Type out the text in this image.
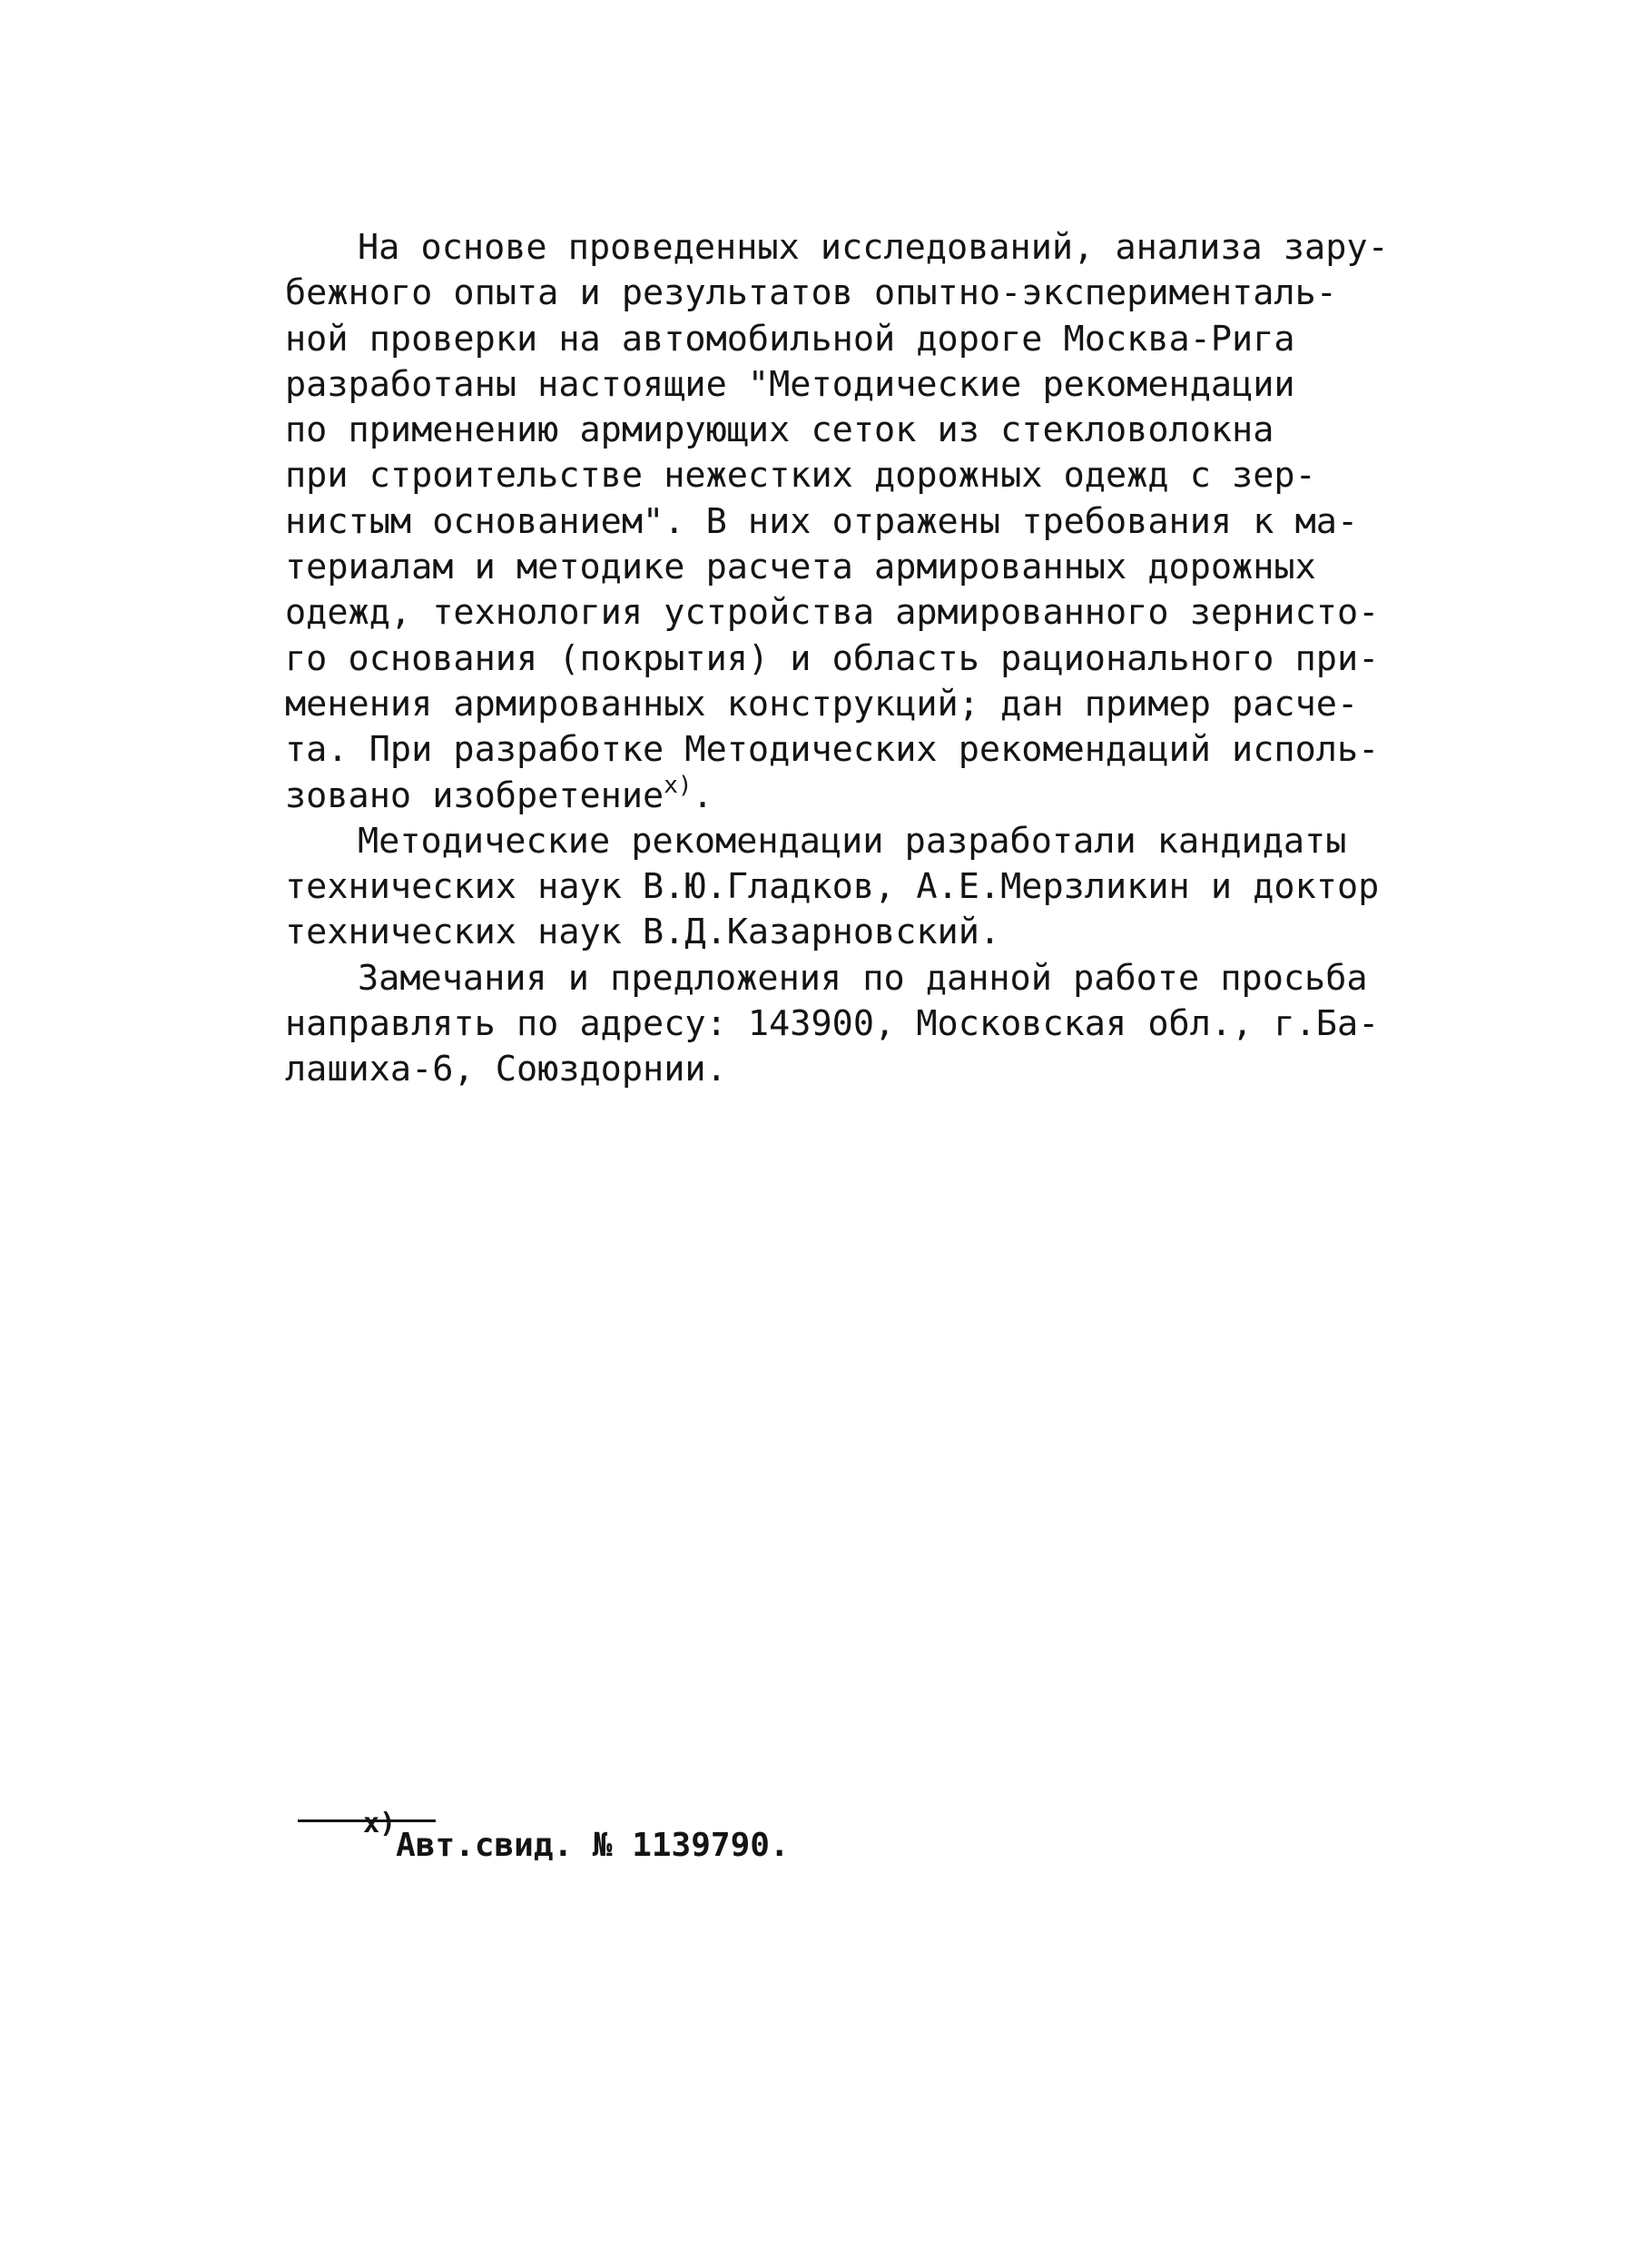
На основе проведенных исследований, анализа зару-
бежного опыта и результатов опытно-эксперименталь-
ной проверки на автомобильной дороге Москва-Рига
разработаны настоящие "Методические рекомендации
по применению армирующих сеток из стекловолокна
при строительстве нежестких дорожных одежд с зер-
нистым основанием". В них отражены требования к ма-
териалам и методике расчета армированных дорожных
одежд, технология устройства армированного зернисто-
го основания (покрытия) и область рационального при-
менения армированных конструкций; дан пример расче-
та. При разработке Методических рекомендаций исполь-
зовано изобретение$^{х)}$.
Методические рекомендации разработали кандидаты
технических наук В.Ю.Гладков, А.Е.Мерзликин и доктор
технических наук В.Д.Казарновский.
Замечания и предложения по данной работе просьба
направлять по адресу: 143900, Московская обл., г.Ба-
лашиха-6, Союздорнии.
$^{х)}$Авт.свид. № 1139790.
